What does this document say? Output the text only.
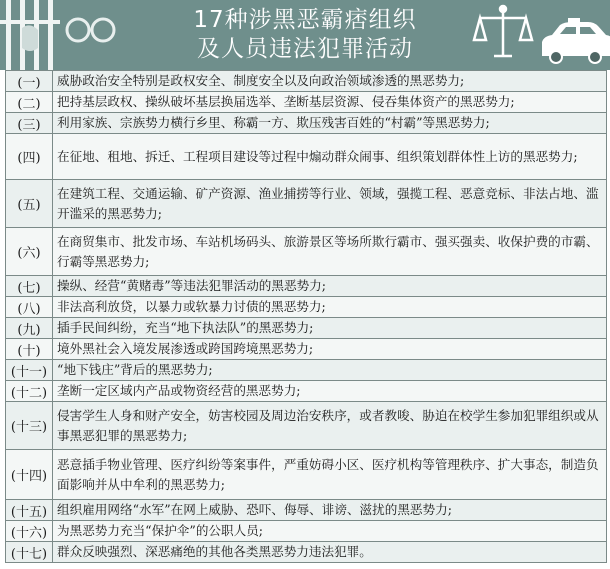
17种涉黑恶霸痞组织
及人员违法犯罪活动
(一)	威胁政治安全特别是政权安全、制度安全以及向政治领域渗透的黑恶势力;
(二)	把持基层政权、操纵破坏基层换届选举、垄断基层资源、侵吞集体资产的黑恶势力;
(三)	利用家族、宗族势力横行乡里、称霸一方、欺压残害百姓的“村霸”等黑恶势力;
(四)	在征地、租地、拆迁、工程项目建设等过程中煽动群众闹事、组织策划群体性上访的黑恶势力;
(五)	在建筑工程、交通运输、矿产资源、渔业捕捞等行业、领域，强揽工程、恶意竞标、非法占地、滥开滥采的黑恶势力;
(六)	在商贸集市、批发市场、车站机场码头、旅游景区等场所欺行霸市、强买强卖、收保护费的市霸、行霸等黑恶势力;
(七)	操纵、经营“黄赌毒”等违法犯罪活动的黑恶势力;
(八)	非法高利放贷，以暴力或软暴力讨债的黑恶势力;
(九)	插手民间纠纷，充当“地下执法队”的黑恶势力;
(十)	境外黑社会入境发展渗透或跨国跨境黑恶势力;
(十一)	“地下钱庄”背后的黑恶势力;
(十二)	垄断一定区域内产品或物资经营的黑恶势力;
(十三)	侵害学生人身和财产安全，妨害校园及周边治安秩序，或者教唆、胁迫在校学生参加犯罪组织或从事黑恶犯罪的黑恶势力;
(十四)	恶意插手物业管理、医疗纠纷等案事件，严重妨碍小区、医疗机构等管理秩序、扩大事态，制造负面影响并从中牟利的黑恶势力;
(十五)	组织雇用网络“水军”在网上威胁、恐吓、侮辱、诽谤、滋扰的黑恶势力;
(十六)	为黑恶势力充当“保护伞”的公职人员;
(十七)	群众反映强烈、深恶痛绝的其他各类黑恶势力违法犯罪。
